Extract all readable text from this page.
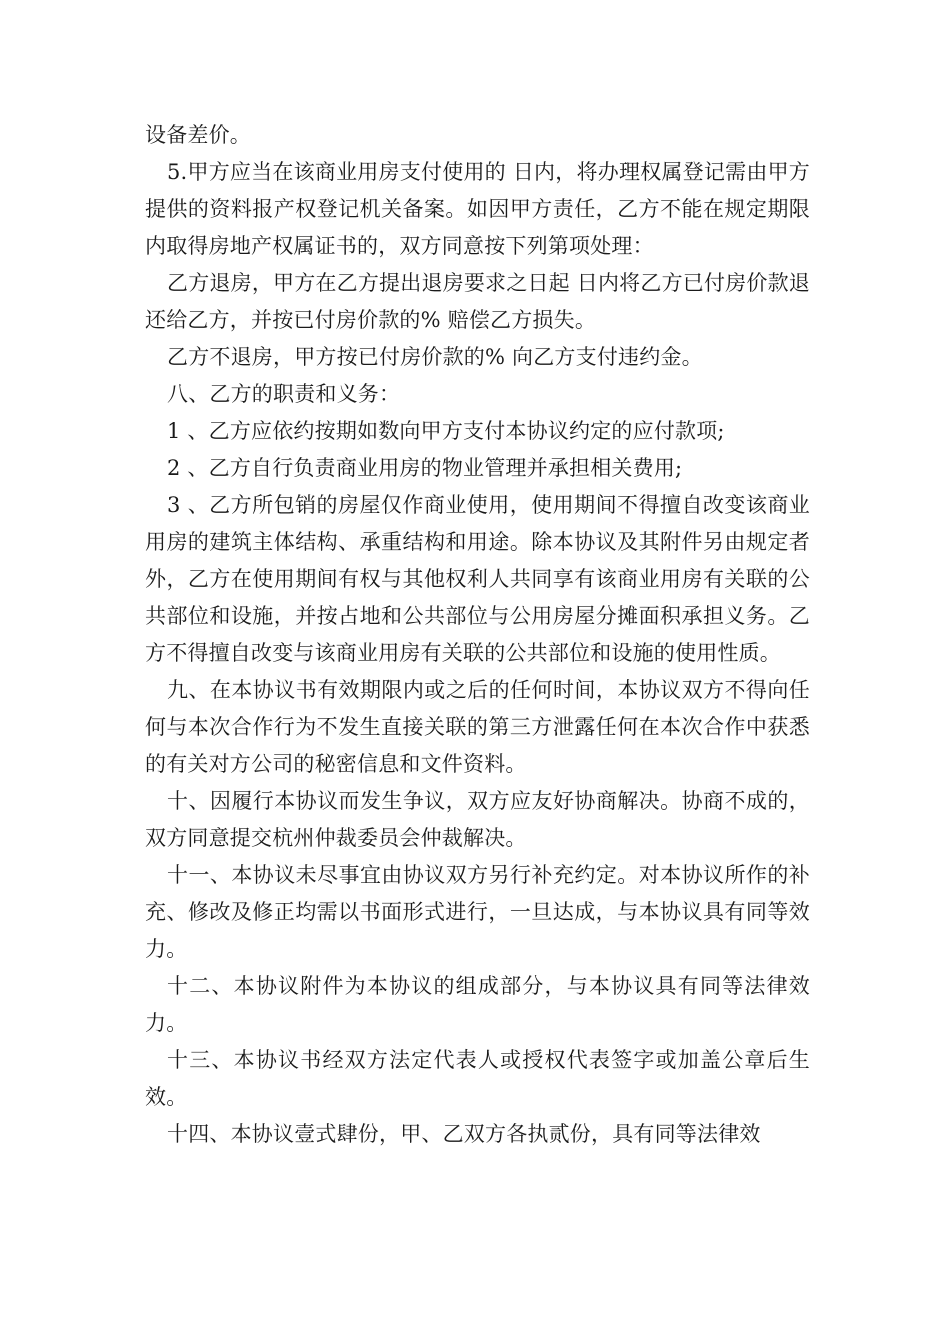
设备差价。

5.甲方应当在该商业用房支付使用的 日内，将办理权属登记需由甲方提供的资料报产权登记机关备案。如因甲方责任，乙方不能在规定期限内取得房地产权属证书的，双方同意按下列第项处理：

乙方退房，甲方在乙方提出退房要求之日起 日内将乙方已付房价款退还给乙方，并按已付房价款的% 赔偿乙方损失。

乙方不退房，甲方按已付房价款的% 向乙方支付违约金。

八、乙方的职责和义务：

1 、乙方应依约按期如数向甲方支付本协议约定的应付款项;

2 、乙方自行负责商业用房的物业管理并承担相关费用;

3 、乙方所包销的房屋仅作商业使用，使用期间不得擅自改变该商业用房的建筑主体结构、承重结构和用途。除本协议及其附件另由规定者外，乙方在使用期间有权与其他权利人共同享有该商业用房有关联的公共部位和设施，并按占地和公共部位与公用房屋分摊面积承担义务。乙方不得擅自改变与该商业用房有关联的公共部位和设施的使用性质。

九、在本协议书有效期限内或之后的任何时间，本协议双方不得向任何与本次合作行为不发生直接关联的第三方泄露任何在本次合作中获悉的有关对方公司的秘密信息和文件资料。

十、因履行本协议而发生争议，双方应友好协商解决。协商不成的，双方同意提交杭州仲裁委员会仲裁解决。

十一、本协议未尽事宜由协议双方另行补充约定。对本协议所作的补充、修改及修正均需以书面形式进行，一旦达成，与本协议具有同等效力。

十二、本协议附件为本协议的组成部分，与本协议具有同等法律效力。

十三、本协议书经双方法定代表人或授权代表签字或加盖公章后生效。

十四、本协议壹式肆份，甲、乙双方各执贰份，具有同等法律效
